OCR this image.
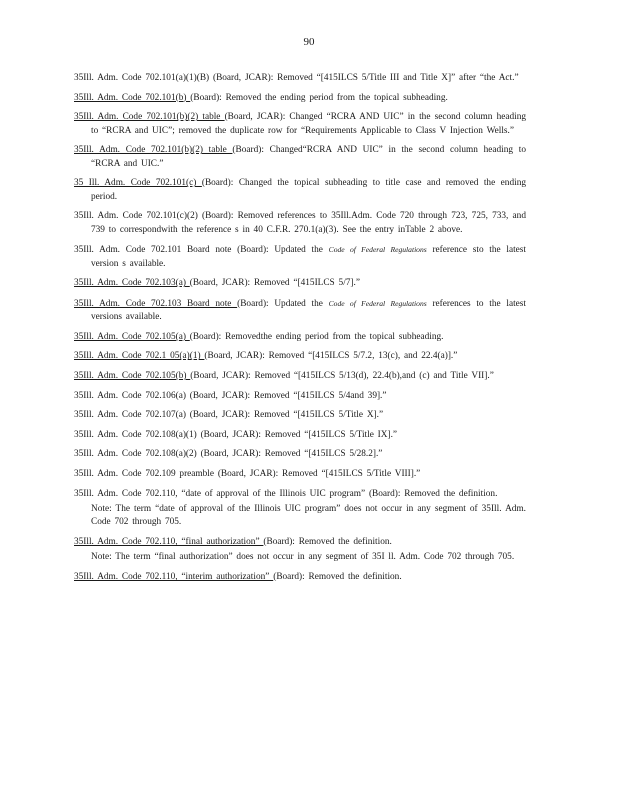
90

35Ill. Adm. Code 702.101(a)(1)(B) (Board, JCAR): Removed “[415ILCS 5/Title III and Title X]” after “the Act.”

35Ill. Adm. Code 702.101(b) (Board): Removed the ending period from the topical subheading.

35Ill. Adm. Code 702.101(b)(2) table (Board, JCAR): Changed “RCRA AND UIC” in the second column heading to “RCRA and UIC”; removed the duplicate row for “Requirements Applicable to Class V Injection Wells.”

35Ill. Adm. Code 702.101(b)(2) table (Board): Changed“RCRA AND UIC” in the second column heading to “RCRA and UIC.”

35 Ill. Adm. Code 702.101(c) (Board): Changed the topical subheading to title case and removed the ending period.

35Ill. Adm. Code 702.101(c)(2) (Board): Removed references to 35Ill.Adm. Code 720 through 723, 725, 733, and 739 to correspondwith the reference s in 40 C.F.R. 270.1(a)(3). See the entry inTable 2 above.

35Ill. Adm. Code 702.101 Board note (Board): Updated the Code of Federal Regulations reference sto the latest version s available.

35Ill. Adm. Code 702.103(a) (Board, JCAR): Removed “[415ILCS 5/7].”

35Ill. Adm. Code 702.103 Board note (Board): Updated the Code of Federal Regulations references to the latest versions available.

35Ill. Adm. Code 702.105(a) (Board): Removedthe ending period from the topical subheading.

35Ill. Adm. Code 702.1 05(a)(1) (Board, JCAR): Removed “[415ILCS 5/7.2, 13(c), and 22.4(a)].”

35Ill. Adm. Code 702.105(b) (Board, JCAR): Removed “[415ILCS 5/13(d), 22.4(b),and (c) and Title VII].”

35Ill. Adm. Code 702.106(a) (Board, JCAR): Removed “[415ILCS 5/4and 39].”

35Ill. Adm. Code 702.107(a) (Board, JCAR): Removed “[415ILCS 5/Title X].”

35Ill. Adm. Code 702.108(a)(1) (Board, JCAR): Removed “[415ILCS 5/Title IX].”

35Ill. Adm. Code 702.108(a)(2) (Board, JCAR): Removed “[415ILCS 5/28.2].”

35Ill. Adm. Code 702.109 preamble (Board, JCAR): Removed “[415ILCS 5/Title VIII].”

35Ill. Adm. Code 702.110, “date of approval of the Illinois UIC program” (Board): Removed the definition.

Note: The term “date of approval of the Illinois UIC program” does not occur in any segment of 35Ill. Adm. Code 702 through 705.

35Ill. Adm. Code 702.110, “final authorization” (Board): Removed the definition.

Note: The term “final authorization” does not occur in any segment of 35I ll. Adm. Code 702 through 705.

35Ill. Adm. Code 702.110, “interim authorization” (Board): Removed the definition.
